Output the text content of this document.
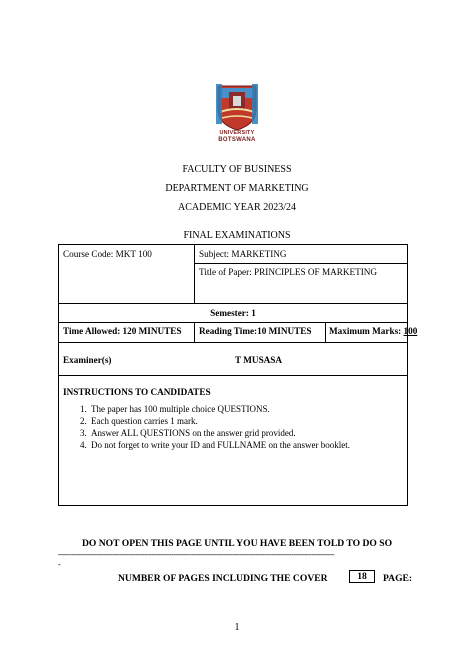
UNIVERSITY
BOTSWANA
FACULTY OF BUSINESS
DEPARTMENT OF MARKETING
ACADEMIC YEAR 2023/24
FINAL EXAMINATIONS
Course Code: MKT 100	Subject: MARKETING
Title of Paper: PRINCIPLES OF MARKETING
Semester: 1
Time Allowed: 120 MINUTES Reading Time:10 MINUTES Maximum Marks: 100
Examiner(s)	T MUSASA
INSTRUCTIONS TO CANDIDATES
1. The paper has 100 multiple choice QUESTIONS.
2. Each question carries 1 mark.
3. Answer ALL QUESTIONS on the answer grid provided.
4. Do not forget to write your ID and FULLNAME on the answer booklet.
DO NOT OPEN THIS PAGE UNTIL YOU HAVE BEEN TOLD TO DO SO
--------------------------------------------------------------------------------------------------------------------------
-
NUMBER OF PAGES INCLUDING THE COVER	18	PAGE:
1
